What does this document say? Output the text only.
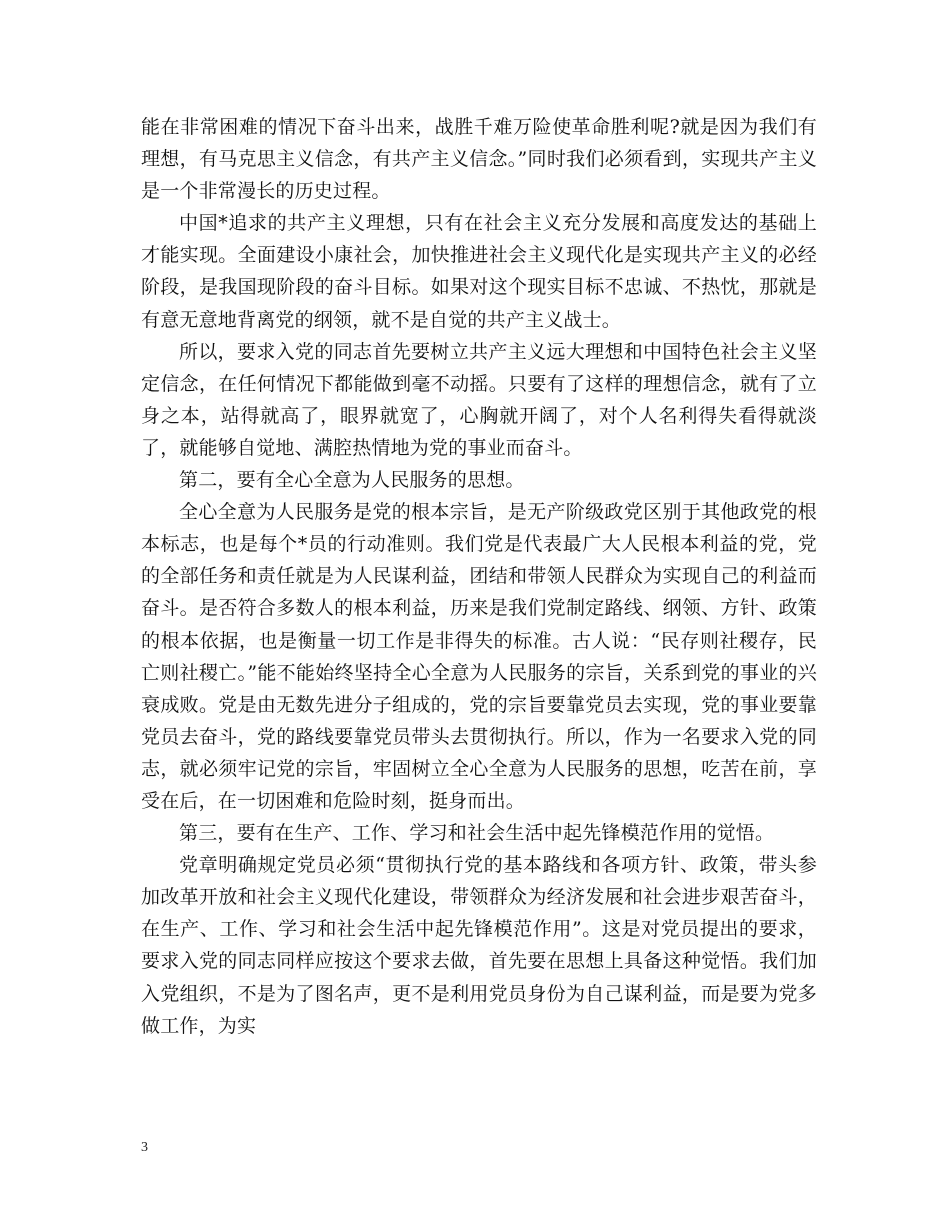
能在非常困难的情况下奋斗出来，战胜千难万险使革命胜利呢?就是因为我们有理想，有马克思主义信念，有共产主义信念。”同时我们必须看到，实现共产主义是一个非常漫长的历史过程。

中国*追求的共产主义理想，只有在社会主义充分发展和高度发达的基础上才能实现。全面建设小康社会，加快推进社会主义现代化是实现共产主义的必经阶段，是我国现阶段的奋斗目标。如果对这个现实目标不忠诚、不热忱，那就是有意无意地背离党的纲领，就不是自觉的共产主义战士。

所以，要求入党的同志首先要树立共产主义远大理想和中国特色社会主义坚定信念，在任何情况下都能做到毫不动摇。只要有了这样的理想信念，就有了立身之本，站得就高了，眼界就宽了，心胸就开阔了，对个人名利得失看得就淡了，就能够自觉地、满腔热情地为党的事业而奋斗。

第二，要有全心全意为人民服务的思想。

全心全意为人民服务是党的根本宗旨，是无产阶级政党区别于其他政党的根本标志，也是每个*员的行动准则。我们党是代表最广大人民根本利益的党，党的全部任务和责任就是为人民谋利益，团结和带领人民群众为实现自己的利益而奋斗。是否符合多数人的根本利益，历来是我们党制定路线、纲领、方针、政策的根本依据，也是衡量一切工作是非得失的标准。古人说：“民存则社稷存，民亡则社稷亡。”能不能始终坚持全心全意为人民服务的宗旨，关系到党的事业的兴衰成败。党是由无数先进分子组成的，党的宗旨要靠党员去实现，党的事业要靠党员去奋斗，党的路线要靠党员带头去贯彻执行。所以，作为一名要求入党的同志，就必须牢记党的宗旨，牢固树立全心全意为人民服务的思想，吃苦在前，享受在后，在一切困难和危险时刻，挺身而出。

第三，要有在生产、工作、学习和社会生活中起先锋模范作用的觉悟。

党章明确规定党员必须“贯彻执行党的基本路线和各项方针、政策，带头参加改革开放和社会主义现代化建设，带领群众为经济发展和社会进步艰苦奋斗，在生产、工作、学习和社会生活中起先锋模范作用”。这是对党员提出的要求，要求入党的同志同样应按这个要求去做，首先要在思想上具备这种觉悟。我们加入党组织，不是为了图名声，更不是利用党员身份为自己谋利益，而是要为党多做工作，为实

3
